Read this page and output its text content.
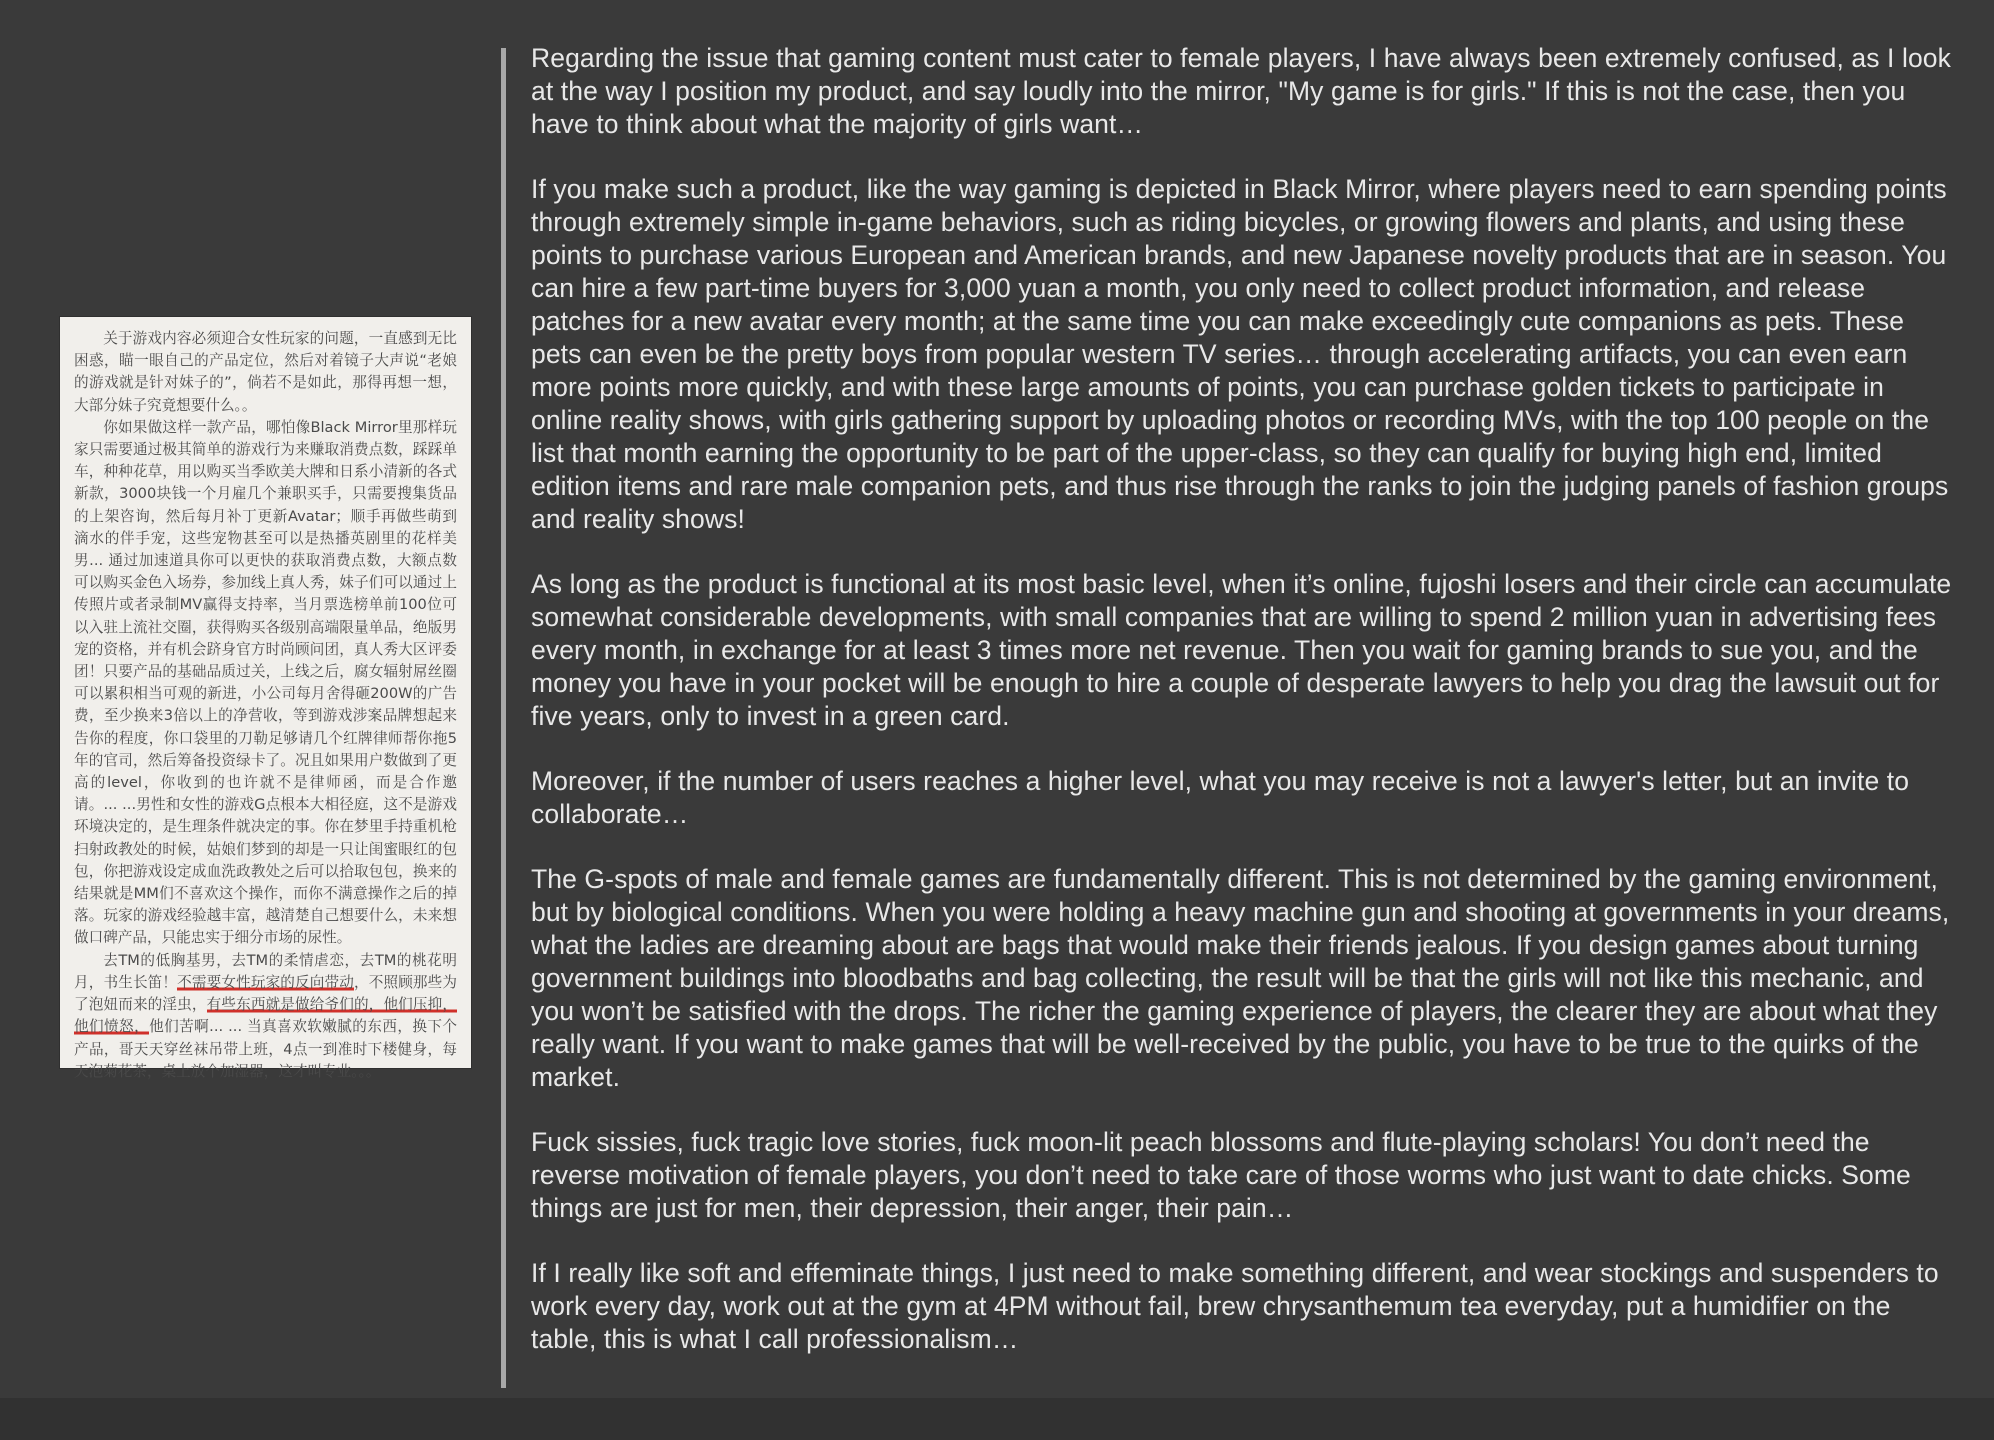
关于游戏内容必须迎合女性玩家的问题，一直感到无比困惑，瞄一眼自己的产品定位，然后对着镜子大声说“老娘的游戏就是针对妹子的”，倘若不是如此，那得再想一想，大部分妹子究竟想要什么。。

你如果做这样一款产品，哪怕像Black Mirror里那样玩家只需要通过极其简单的游戏行为来赚取消费点数，踩踩单车，种种花草，用以购买当季欧美大牌和日系小清新的各式新款，3000块钱一个月雇几个兼职买手，只需要搜集货品的上架咨询，然后每月补丁更新Avatar；顺手再做些萌到滴水的伴手宠，这些宠物甚至可以是热播英剧里的花样美男... 通过加速道具你可以更快的获取消费点数，大额点数可以购买金色入场券，参加线上真人秀，妹子们可以通过上传照片或者录制MV赢得支持率，当月票选榜单前100位可以入驻上流社交圈，获得购买各级别高端限量单品，绝版男宠的资格，并有机会跻身官方时尚顾问团，真人秀大区评委团！只要产品的基础品质过关，上线之后，腐女辐射屌丝圈可以累积相当可观的新进，小公司每月舍得砸200W的广告费，至少换来3倍以上的净营收，等到游戏涉案品牌想起来告你的程度，你口袋里的刀勒足够请几个红牌律师帮你拖5年的官司，然后筹备投资绿卡了。况且如果用户数做到了更高的level，你收到的也许就不是律师函，而是合作邀请。... ...男性和女性的游戏G点根本大相径庭，这不是游戏环境决定的，是生理条件就决定的事。你在梦里手持重机枪扫射政教处的时候，姑娘们梦到的却是一只让闺蜜眼红的包包，你把游戏设定成血洗政教处之后可以拾取包包，换来的结果就是MM们不喜欢这个操作，而你不满意操作之后的掉落。玩家的游戏经验越丰富，越清楚自己想要什么，未来想做口碑产品，只能忠实于细分市场的尿性。

去TM的低胸基男，去TM的柔情虐恋，去TM的桃花明月，书生长笛！不需要女性玩家的反向带动，不照顾那些为了泡妞而来的淫虫，有些东西就是做给爷们的，他们压抑，他们愤怒，他们苦啊... ... 当真喜欢软嫩腻的东西，换下个产品，哥天天穿丝袜吊带上班，4点一到准时下楼健身，每天泡菊花茶，桌上放个加湿器，这才叫专业。。。

Regarding the issue that gaming content must cater to female players, I have always been extremely confused, as I look at the way I position my product, and say loudly into the mirror, "My game is for girls." If this is not the case, then you have to think about what the majority of girls want…

If you make such a product, like the way gaming is depicted in Black Mirror, where players need to earn spending points through extremely simple in-game behaviors, such as riding bicycles, or growing flowers and plants, and using these points to purchase various European and American brands, and new Japanese novelty products that are in season. You can hire a few part-time buyers for 3,000 yuan a month, you only need to collect product information, and release patches for a new avatar every month; at the same time you can make exceedingly cute companions as pets. These pets can even be the pretty boys from popular western TV series… through accelerating artifacts, you can even earn more points more quickly, and with these large amounts of points, you can purchase golden tickets to participate in online reality shows, with girls gathering support by uploading photos or recording MVs, with the top 100 people on the list that month earning the opportunity to be part of the upper-class, so they can qualify for buying high end, limited edition items and rare male companion pets, and thus rise through the ranks to join the judging panels of fashion groups and reality shows!

As long as the product is functional at its most basic level, when it’s online, fujoshi losers and their circle can accumulate somewhat considerable developments, with small companies that are willing to spend 2 million yuan in advertising fees every month, in exchange for at least 3 times more net revenue. Then you wait for gaming brands to sue you, and the money you have in your pocket will be enough to hire a couple of desperate lawyers to help you drag the lawsuit out for five years, only to invest in a green card.

Moreover, if the number of users reaches a higher level, what you may receive is not a lawyer's letter, but an invite to collaborate…

The G-spots of male and female games are fundamentally different. This is not determined by the gaming environment, but by biological conditions. When you were holding a heavy machine gun and shooting at governments in your dreams, what the ladies are dreaming about are bags that would make their friends jealous. If you design games about turning government buildings into bloodbaths and bag collecting, the result will be that the girls will not like this mechanic, and you won’t be satisfied with the drops. The richer the gaming experience of players, the clearer they are about what they really want. If you want to make games that will be well-received by the public, you have to be true to the quirks of the market.

Fuck sissies, fuck tragic love stories, fuck moon-lit peach blossoms and flute-playing scholars! You don’t need the reverse motivation of female players, you don’t need to take care of those worms who just want to date chicks. Some things are just for men, their depression, their anger, their pain…

If I really like soft and effeminate things, I just need to make something different, and wear stockings and suspenders to work every day, work out at the gym at 4PM without fail, brew chrysanthemum tea everyday, put a humidifier on the table, this is what I call professionalism…
